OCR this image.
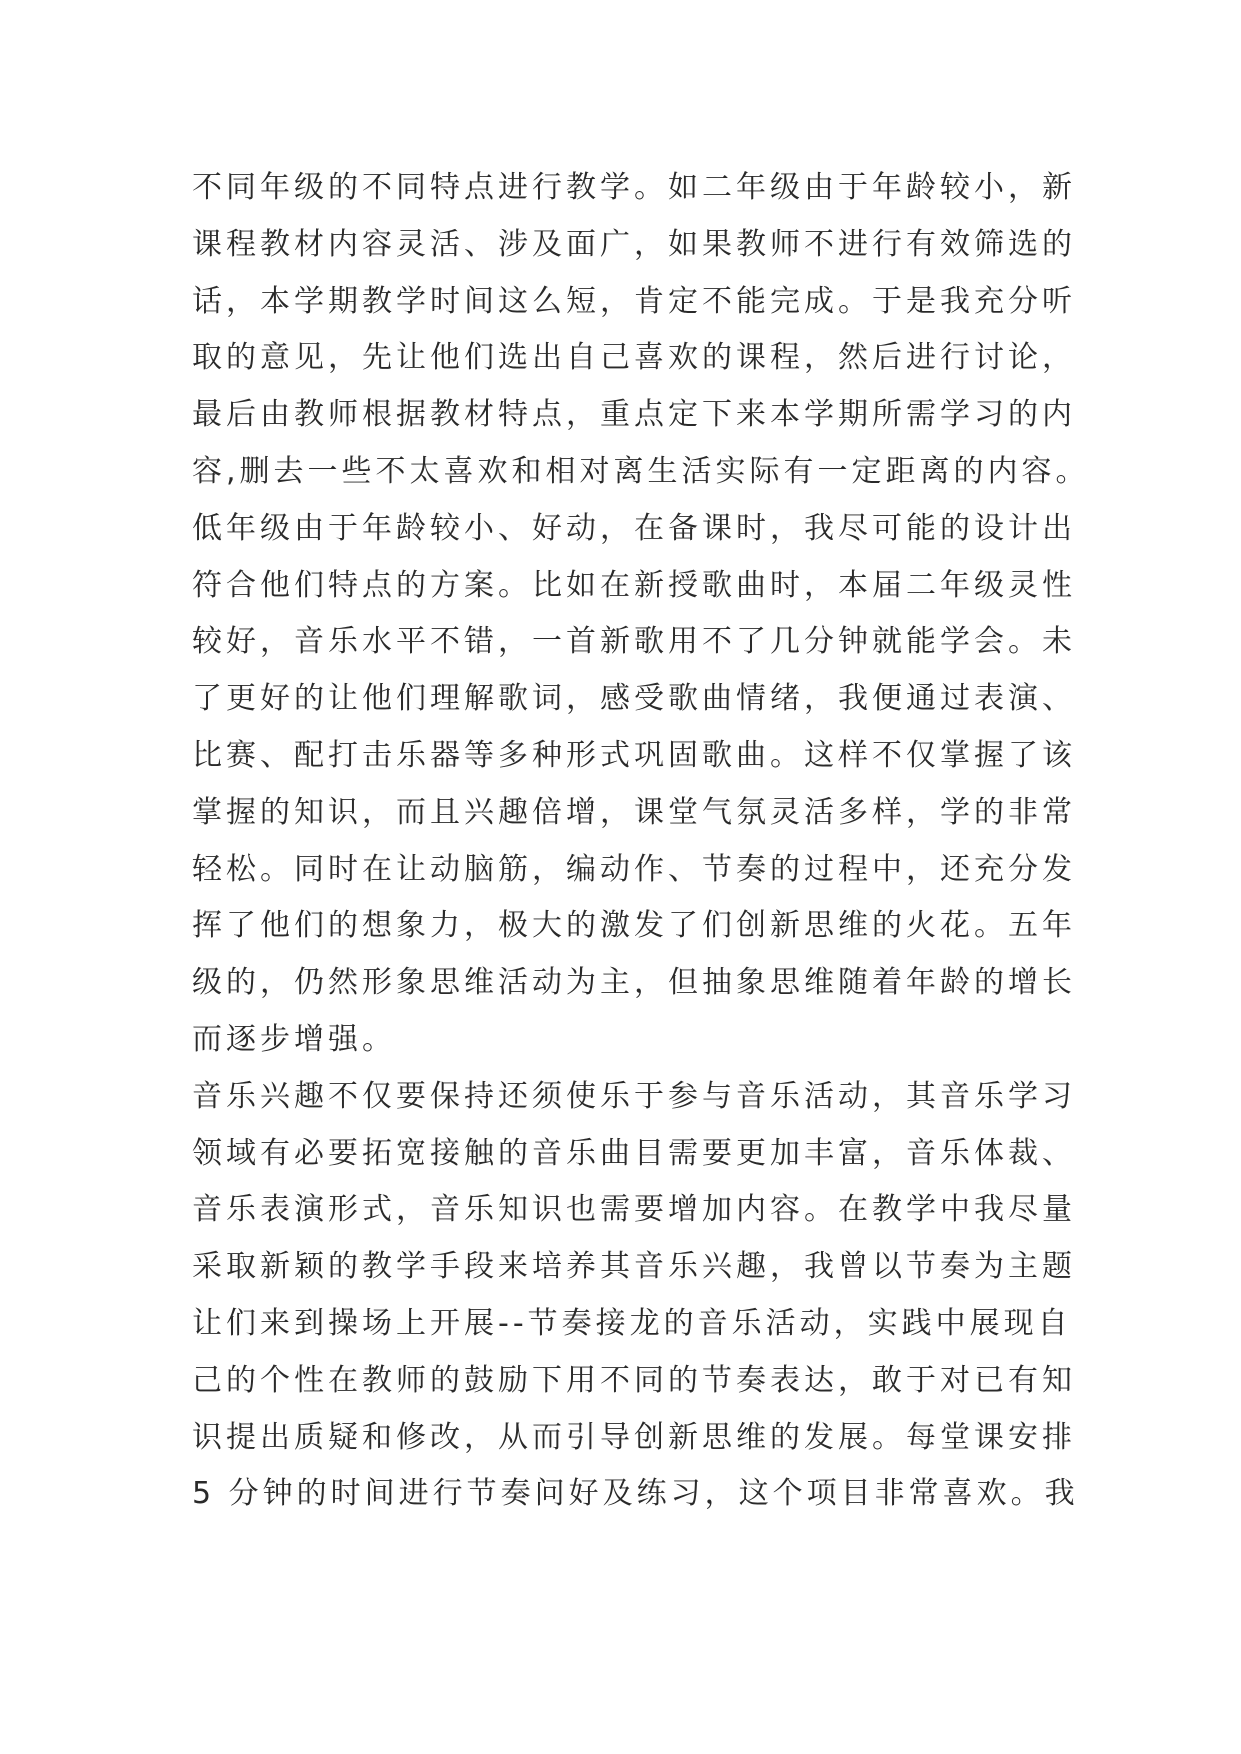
不同年级的不同特点进行教学。如二年级由于年龄较小，新

课程教材内容灵活、涉及面广，如果教师不进行有效筛选的

话，本学期教学时间这么短，肯定不能完成。于是我充分听

取的意见，先让他们选出自己喜欢的课程，然后进行讨论，

最后由教师根据教材特点，重点定下来本学期所需学习的内

容,删去一些不太喜欢和相对离生活实际有一定距离的内容。

低年级由于年龄较小、好动，在备课时，我尽可能的设计出

符合他们特点的方案。比如在新授歌曲时，本届二年级灵性

较好，音乐水平不错，一首新歌用不了几分钟就能学会。未

了更好的让他们理解歌词，感受歌曲情绪，我便通过表演、

比赛、配打击乐器等多种形式巩固歌曲。这样不仅掌握了该

掌握的知识，而且兴趣倍增，课堂气氛灵活多样，学的非常

轻松。同时在让动脑筋，编动作、节奏的过程中，还充分发

挥了他们的想象力，极大的激发了们创新思维的火花。五年

级的，仍然形象思维活动为主，但抽象思维随着年龄的增长

而逐步增强。

音乐兴趣不仅要保持还须使乐于参与音乐活动，其音乐学习

领域有必要拓宽接触的音乐曲目需要更加丰富，音乐体裁、

音乐表演形式，音乐知识也需要增加内容。在教学中我尽量

采取新颖的教学手段来培养其音乐兴趣，我曾以节奏为主题

让们来到操场上开展--节奏接龙的音乐活动，实践中展现自

己的个性在教师的鼓励下用不同的节奏表达，敢于对已有知

识提出质疑和修改，从而引导创新思维的发展。每堂课安排

5 分钟的时间进行节奏问好及练习，这个项目非常喜欢。我
